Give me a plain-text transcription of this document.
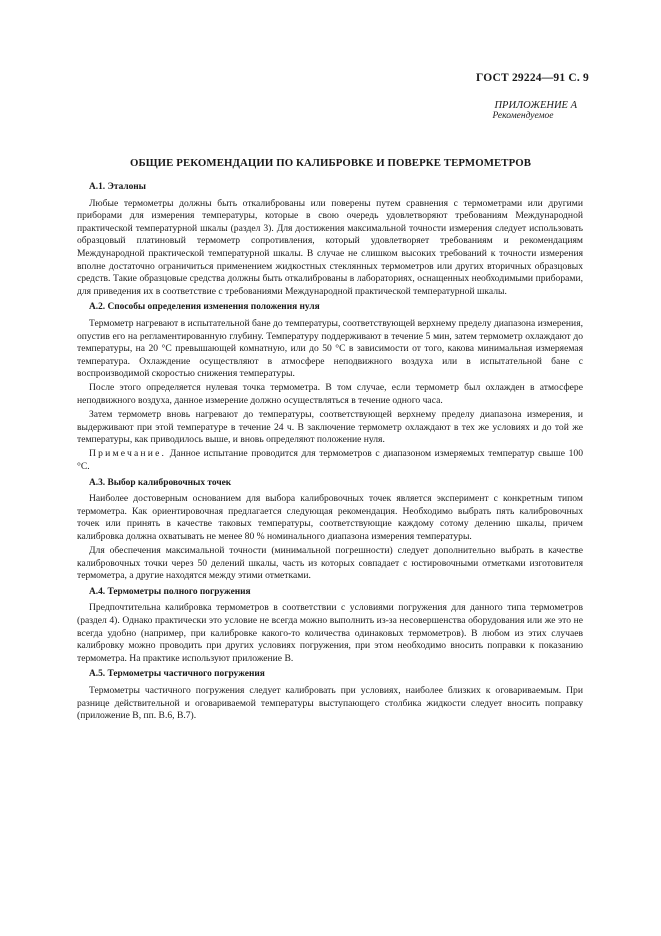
ГОСТ 29224—91 С. 9
ПРИЛОЖЕНИЕ А
Рекомендуемое
ОБЩИЕ РЕКОМЕНДАЦИИ ПО КАЛИБРОВКЕ И ПОВЕРКЕ ТЕРМОМЕТРОВ
А.1. Эталоны

Любые термометры должны быть откалиброваны или поверены путем сравнения с термометрами или другими приборами для измерения температуры, которые в свою очередь удовлетворяют требованиям Международной практической температурной шкалы (раздел 3). Для достижения максимальной точности измерения следует использовать образцовый платиновый термометр сопротивления, который удовлетворяет требованиям и рекомендациям Международной практической температурной шкалы. В случае не слишком высоких требований к точности измерения вполне достаточно ограничиться применением жидкостных стеклянных термометров или других вторичных образцовых средств. Такие образцовые средства должны быть откалиброваны в лабораториях, оснащенных необходимыми приборами, для приведения их в соответствие с требованиями Международной практической температурной шкалы.

А.2. Способы определения изменения положения нуля

Термометр нагревают в испытательной бане до температуры, соответствующей верхнему пределу диапазона измерения, опустив его на регламентированную глубину. Температуру поддерживают в течение 5 мин, затем термометр охлаждают до температуры, на 20 °С превышающей комнатную, или до 50 °С в зависимости от того, какова минимальная измеряемая температура. Охлаждение осуществляют в атмосфере неподвижного воздуха или в испытательной бане с воспроизводимой скоростью снижения температуры.

После этого определяется нулевая точка термометра. В том случае, если термометр был охлажден в атмосфере неподвижного воздуха, данное измерение должно осуществляться в течение одного часа.

Затем термометр вновь нагревают до температуры, соответствующей верхнему пределу диапазона измерения, и выдерживают при этой температуре в течение 24 ч. В заключение термометр охлаждают в тех же условиях и до той же температуры, как приводилось выше, и вновь определяют положение нуля.

Примечание. Данное испытание проводится для термометров с диапазоном измеряемых температур свыше 100 °С.

А.3. Выбор калибровочных точек

Наиболее достоверным основанием для выбора калибровочных точек является эксперимент с конкретным типом термометра. Как ориентировочная предлагается следующая рекомендация. Необходимо выбрать пять калибровочных точек или принять в качестве таковых температуры, соответствующие каждому сотому делению шкалы, причем калибровка должна охватывать не менее 80 % номинального диапазона измерения температуры.

Для обеспечения максимальной точности (минимальной погрешности) следует дополнительно выбрать в качестве калибровочных точки через 50 делений шкалы, часть из которых совпадает с юстировочными отметками изготовителя термометра, а другие находятся между этими отметками.

А.4. Термометры полного погружения

Предпочтительна калибровка термометров в соответствии с условиями погружения для данного типа термометров (раздел 4). Однако практически это условие не всегда можно выполнить из-за несовершенства оборудования или же это не всегда удобно (например, при калибровке какого-то количества одинаковых термометров). В любом из этих случаев калибровку можно проводить при других условиях погружения, при этом необходимо вносить поправки к показанию термометра. На практике используют приложение В.

А.5. Термометры частичного погружения

Термометры частичного погружения следует калибровать при условиях, наиболее близких к оговариваемым. При разнице действительной и оговариваемой температуры выступающего столбика жидкости следует вносить поправку (приложение В, пп. В.6, В.7).
